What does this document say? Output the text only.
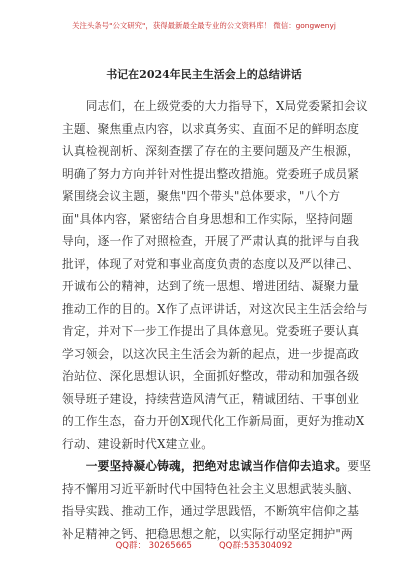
关注头条号"公文研究"，获得最新最全最专业的公文资料库！ 微信：gongwenyj
书记在2024年民主生活会上的总结讲话
　　同志们，在上级党委的大力指导下，X局党委紧扣会议
主题、聚焦重点内容，以求真务实、直面不足的鲜明态度
认真检视剖析、深刻查摆了存在的主要问题及产生根源，
明确了努力方向并针对性提出整改措施。党委班子成员紧
紧围绕会议主题，聚焦"四个带头"总体要求，"八个方
面"具体内容，紧密结合自身思想和工作实际，坚持问题
导向，逐一作了对照检查，开展了严肃认真的批评与自我
批评，体现了对党和事业高度负责的态度以及严以律己、
开诚布公的精神，达到了统一思想、增进团结、凝聚力量
推动工作的目的。X作了点评讲话，对这次民主生活会给与
肯定，并对下一步工作提出了具体意见。党委班子要认真
学习领会，以这次民主生活会为新的起点，进一步提高政
治站位、深化思想认识，全面抓好整改，带动和加强各级
领导班子建设，持续营造风清气正，精诚团结、干事创业
的工作生态，奋力开创X现代化工作新局面，更好为推动X
行动、建设新时代X建立业。
　　一要坚持凝心铸魂，把绝对忠诚当作信仰去追求。要坚
持不懈用习近平新时代中国特色社会主义思想武装头脑、
指导实践、推动工作，通过学思践悟，不断筑牢信仰之基
补足精神之钙、把稳思想之舵，以实际行动坚定拥护"两
QQ群： 30265665	QQ群:535304092
